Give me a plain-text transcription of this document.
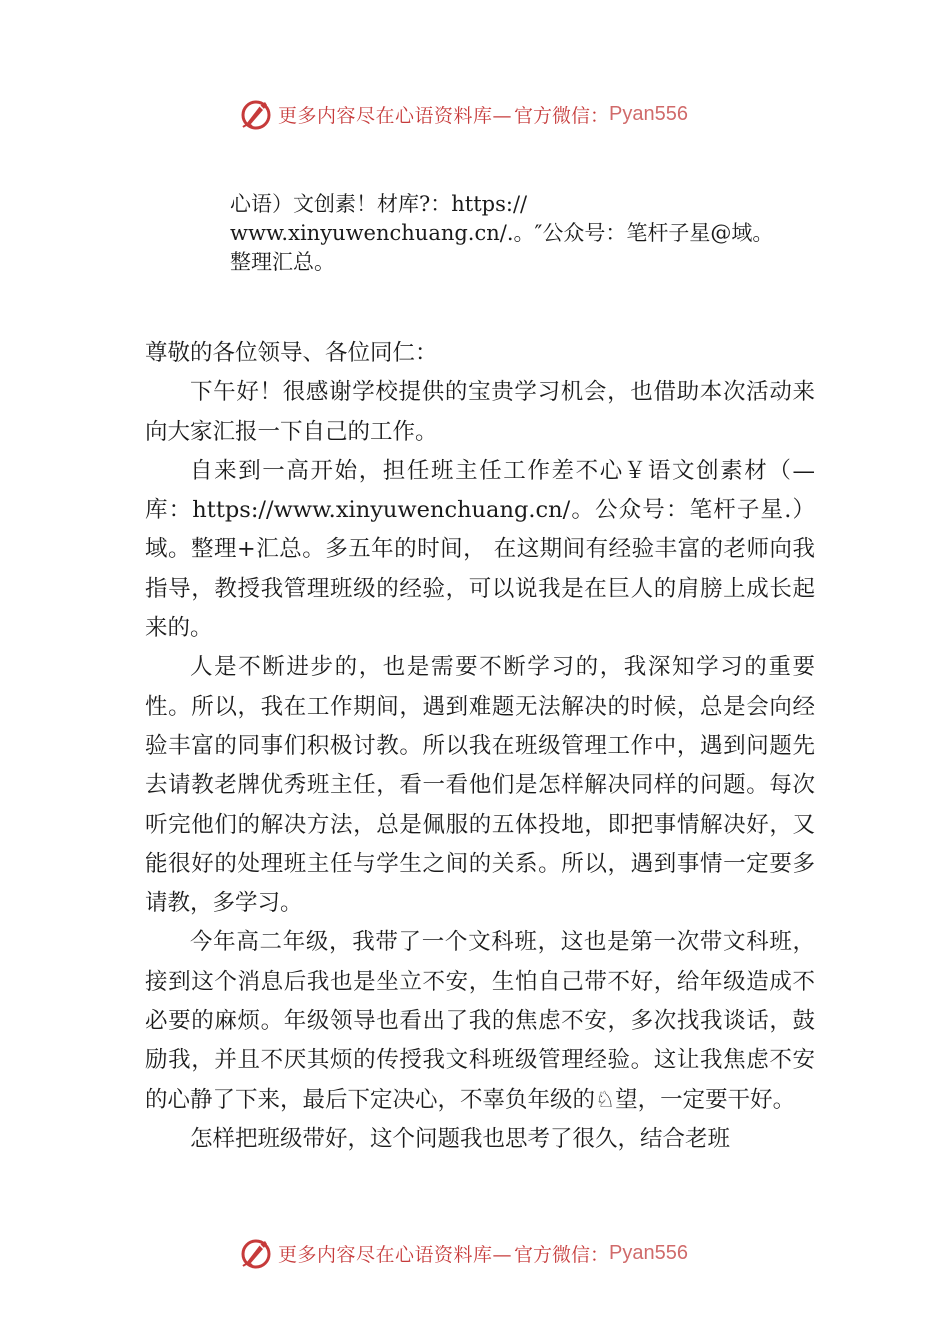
更多内容尽在心语资料库— 官方微信： Pyan556

心语）文创素！材库?：https://

www.xinyuwenchuang.cn/.。″公众号：笔杆子星@域。

整理汇总。

尊敬的各位领导、各位同仁：

下午好！很感谢学校提供的宝贵学习机会，也借助本次活动来向大家汇报一下自己的工作。

自来到一高开始，担任班主任工作差不心￥语文创素材（—库：https://www.xinyuwenchuang.cn/。公众号：笔杆子星.）域。整理+汇总。多五年的时间， 在这期间有经验丰富的老师向我指导，教授我管理班级的经验，可以说我是在巨人的肩膀上成长起来的。

人是不断进步的，也是需要不断学习的，我深知学习的重要性。所以，我在工作期间，遇到难题无法解决的时候，总是会向经验丰富的同事们积极讨教。所以我在班级管理工作中，遇到问题先去请教老牌优秀班主任，看一看他们是怎样解决同样的问题。每次听完他们的解决方法，总是佩服的五体投地，即把事情解决好，又能很好的处理班主任与学生之间的关系。所以，遇到事情一定要多请教，多学习。

今年高二年级，我带了一个文科班，这也是第一次带文科班，接到这个消息后我也是坐立不安，生怕自己带不好，给年级造成不必要的麻烦。年级领导也看出了我的焦虑不安，多次找我谈话，鼓励我，并且不厌其烦的传授我文科班级管理经验。这让我焦虑不安的心静了下来，最后下定决心，不辜负年级的♘望，一定要干好。

怎样把班级带好，这个问题我也思考了很久，结合老班

更多内容尽在心语资料库— 官方微信： Pyan556
